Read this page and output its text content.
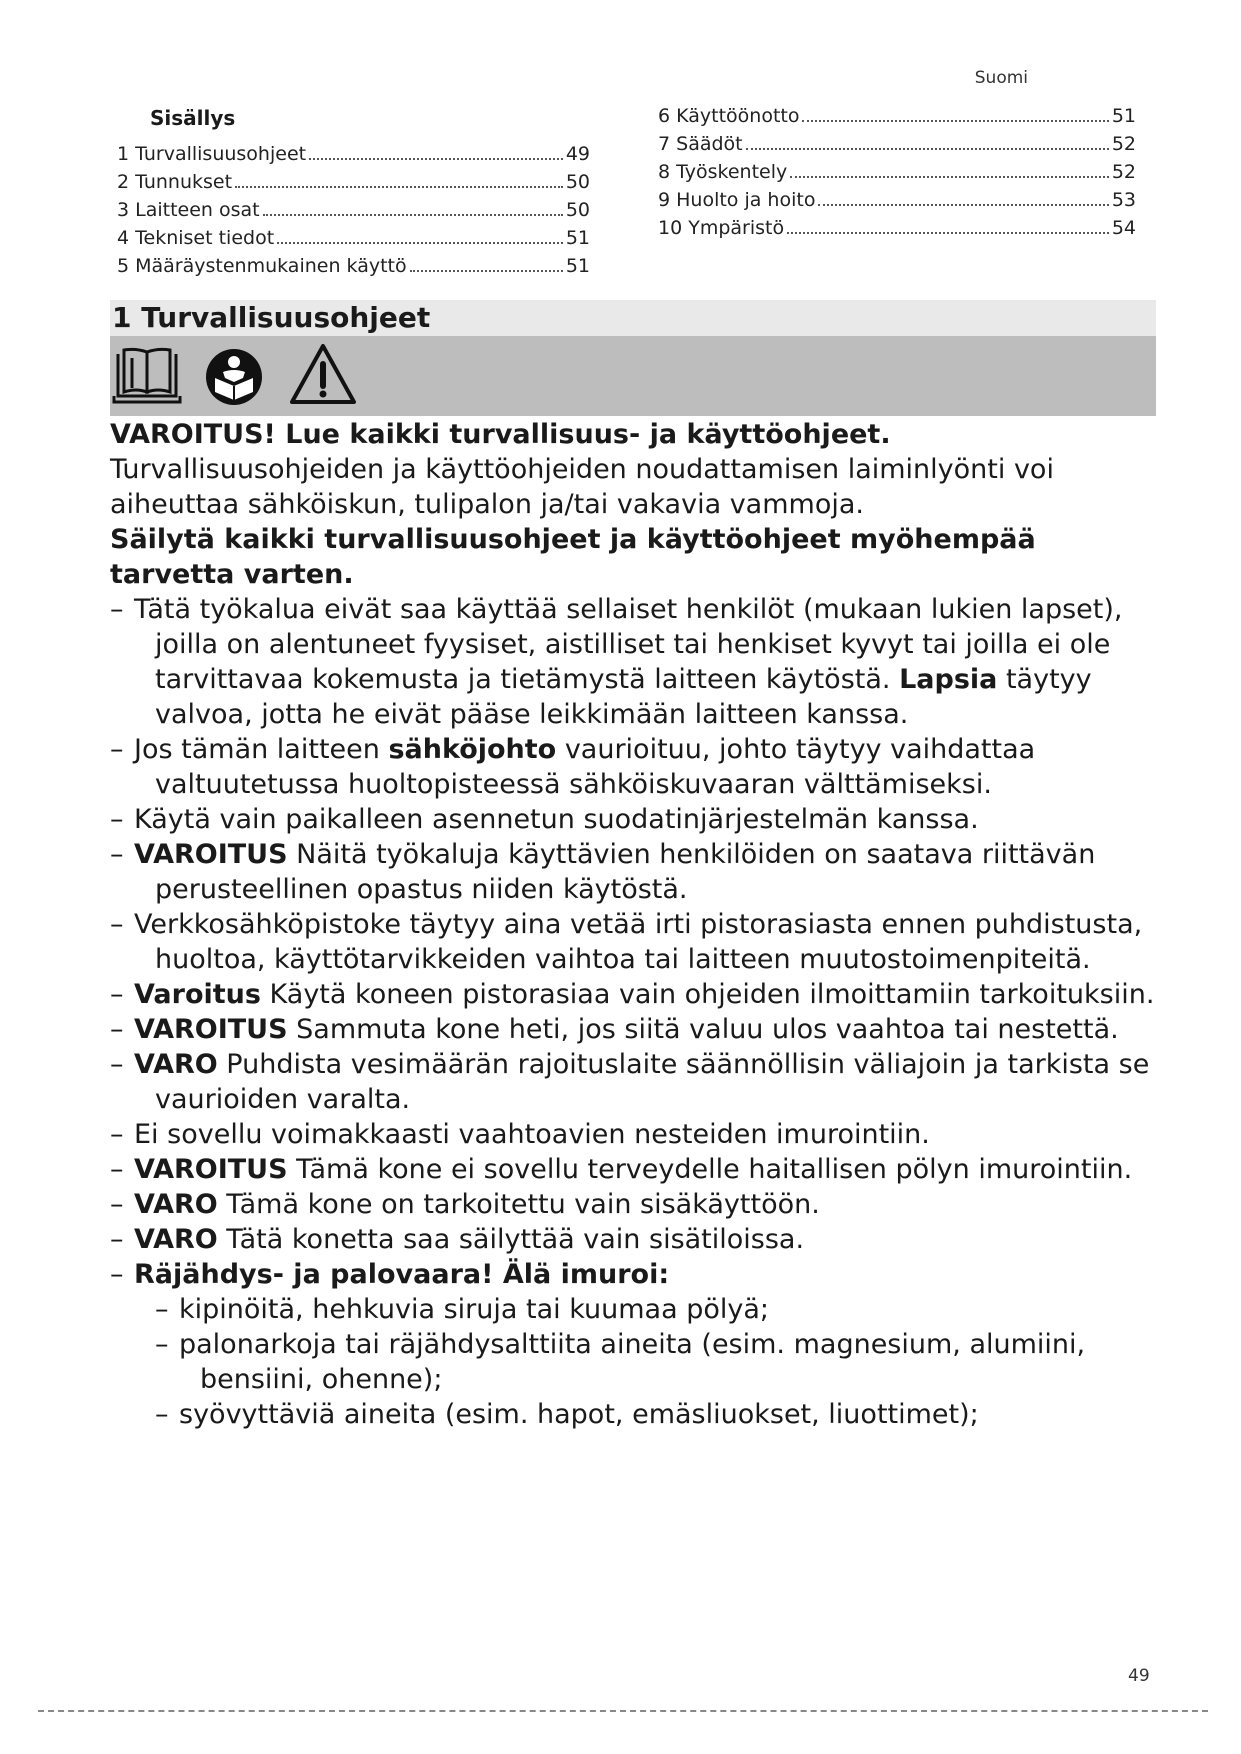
Suomi
Sisällys
1 Turvallisuusohjeet	49
2 Tunnukset	50
3 Laitteen osat	50
4 Tekniset tiedot	51
5 Määräystenmukainen käyttö	51
6 Käyttöönotto	51
7 Säädöt	52
8 Työskentely	52
9 Huolto ja hoito	53
10 Ympäristö	54
1 Turvallisuusohjeet

VAROITUS! Lue kaikki turvallisuus- ja käyttöohjeet. Turvallisuusohjeiden ja käyttöohjeiden noudattamisen laiminlyönti voi aiheuttaa sähköiskun, tulipalon ja/tai vakavia vammoja.

Säilytä kaikki turvallisuusohjeet ja käyttöohjeet myöhempää tarvetta varten.

– Tätä työkalua eivät saa käyttää sellaiset henkilöt (mukaan lukien lapset), joilla on alentuneet fyysiset, aistilliset tai henkiset kyvyt tai joilla ei ole tarvittavaa kokemusta ja tietämystä laitteen käytöstä. Lapsia täytyy valvoa, jotta he eivät pääse leikkimään laitteen kanssa.

– Jos tämän laitteen sähköjohto vaurioituu, johto täytyy vaihdattaa valtuutetussa huoltopisteessä sähköiskuvaaran välttämiseksi.

– Käytä vain paikalleen asennetun suodatinjärjestelmän kanssa.

– VAROITUS Näitä työkaluja käyttävien henkilöiden on saatava riittävän perusteellinen opastus niiden käytöstä.

– Verkkosähköpistoke täytyy aina vetää irti pistorasiasta ennen puhdistusta, huoltoa, käyttötarvikkeiden vaihtoa tai laitteen muutostoimenpiteitä.

– Varoitus Käytä koneen pistorasiaa vain ohjeiden ilmoittamiin tarkoituksiin.

– VAROITUS Sammuta kone heti, jos siitä valuu ulos vaahtoa tai nestettä.

– VARO Puhdista vesimäärän rajoituslaite säännöllisin väliajoin ja tarkista se vaurioiden varalta.

– Ei sovellu voimakkaasti vaahtoavien nesteiden imurointiin.

– VAROITUS Tämä kone ei sovellu terveydelle haitallisen pölyn imurointiin.

– VARO Tämä kone on tarkoitettu vain sisäkäyttöön.

– VARO Tätä konetta saa säilyttää vain sisätiloissa.

– Räjähdys- ja palovaara! Älä imuroi:

– kipinöitä, hehkuvia siruja tai kuumaa pölyä;

– palonarkoja tai räjähdysalttiita aineita (esim. magnesium, alumiini, bensiini, ohenne);

– syövyttäviä aineita (esim. hapot, emäsliuokset, liuottimet);

49
